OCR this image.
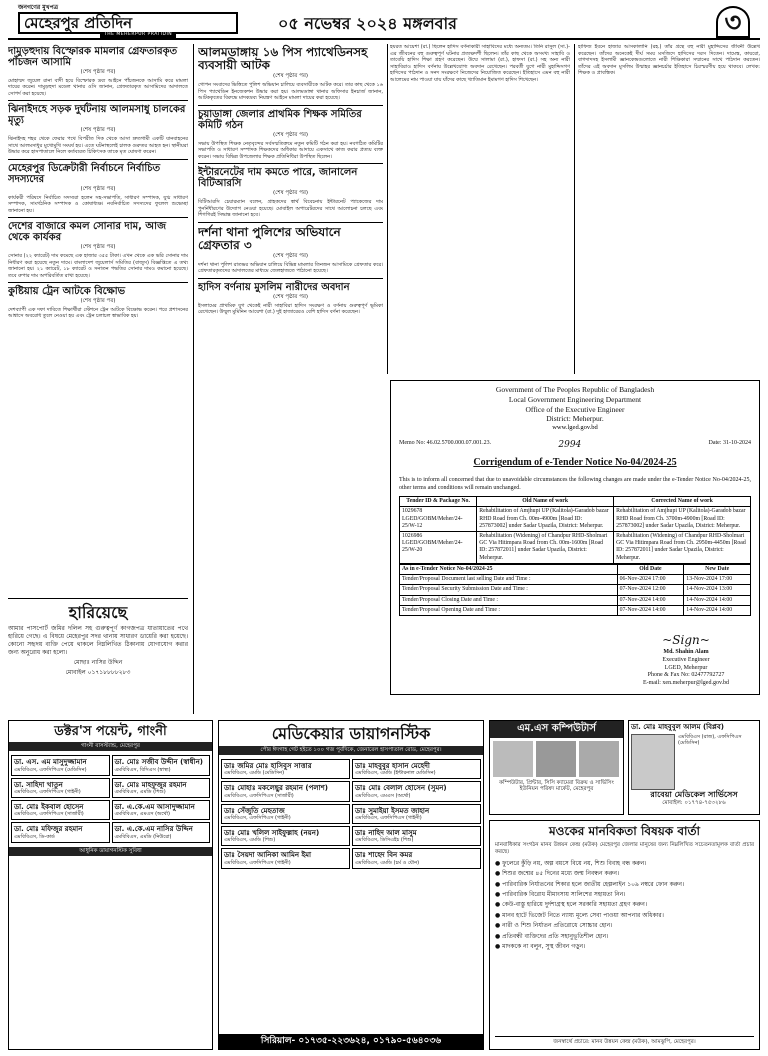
জনগণের মুখপত্র
মেহেরপুর প্রতিদিন
THE MEHERPUR PRATIDIN
০৫ নভেম্বর ২০২৪ মঙ্গলবার	৩
দামুড়হুদায় বিস্ফোরক মামলার গ্রেফতারকৃত পাঁচজন আসামি
(শেষ পৃষ্ঠার পর)

মোহাম্মদ জুয়েল রানা বাদী হয়ে বিস্ফোরক দ্রব্য আইনে পাঁচজনকে আসামি করে মামলা দায়ের করেন। দামুড়হুদা মডেল থানার ওসি জানান, গ্রেফতারকৃত আসামিদের আদালতে সোপর্দ করা হয়েছে।

ঝিনাইদহে সড়ক দুর্ঘটনায় আলমসাধু চালকের মৃত্যু
(শেষ পৃষ্ঠার পর)

ঝিনাইদহ শহর থেকে ফেরার পথে বিপরীত দিক থেকে আসা দ্রুতগামী একটি যানবাহনের সাথে আলমসাধুর মুখোমুখি সংঘর্ষ হয়। এতে ঘটনাস্থলেই চালক গুরুতর আহত হন। স্থানীয়রা উদ্ধার করে হাসপাতালে নিলে কর্তব্যরত চিকিৎসক তাকে মৃত ঘোষণা করেন।

মেহেরপুর ডিক্রেটারী নির্বাচনে নির্বাচিত সদস্যদের
(শেষ পৃষ্ঠার পর)

কার্যকরী পরিষদে নির্বাচিত সদস্যরা হলেন সহ-সভাপতি, সাধারণ সম্পাদক, যুগ্ম সাধারণ সম্পাদক, সাংগঠনিক সম্পাদক ও কোষাধ্যক্ষ। নবনির্বাচিত সদস্যদের ফুলেল শুভেচ্ছা জানানো হয়।

দেশের বাজারে কমল সোনার দাম, আজ থেকে কার্যকর
(শেষ পৃষ্ঠার পর)

সোনার (২২ ক্যারেট) দাম কমেছে এক হাজার ৩৫৫ টাকা। এখন থেকে এক ভরি সোনার দাম নির্ধারণ করা হয়েছে নতুন দামে। বাংলাদেশ জুয়েলার্স সমিতির (বাজুস) বিজ্ঞপ্তিতে এ তথ্য জানানো হয়। ২১ ক্যারেট, ১৮ ক্যারেট ও সনাতন পদ্ধতির সোনার দামও কমানো হয়েছে। তবে রুপার দাম অপরিবর্তিত রাখা হয়েছে।

কুষ্টিয়ায় ট্রেন আটকে বিক্ষোভ
(শেষ পৃষ্ঠার পর)

দেশব্যাপী এক দফা দাবিতে শিক্ষার্থীরা স্টেশনে ট্রেন আটকে বিক্ষোভ করেন। পরে প্রশাসনের আশ্বাসে অবরোধ তুলে নেওয়া হয় এবং ট্রেন চলাচল স্বাভাবিক হয়।

হারিয়েছে
আমার পাসপোর্ট জমির দলিল সহ গুরুত্বপূর্ণ কাগজপত্র যাতায়াতের পথে হারিয়ে গেছে। এ বিষয়ে মেহেরপুর সদর থানায় সাধারণ ডায়েরি করা হয়েছে। কোনো সহৃদয় ব্যক্তি পেয়ে থাকলে নিম্নলিখিত ঠিকানায় যোগাযোগ করার জন্য অনুরোধ করা হলো।
মোছাঃ নাসির উদ্দিন
মোবাইল ০১৭১৮৮৮৮২৮৩
আলমডাঙ্গায় ১৬ পিস প্যাথেডিনসহ ব্যবসায়ী আটক
(শেষ পৃষ্ঠার পর)

গোপন সংবাদের ভিত্তিতে পুলিশ অভিযান চালিয়ে ব্যবসায়ীকে আটক করে। তার কাছ থেকে ১৬ পিস প্যাথেডিন ইনজেকশন উদ্ধার করা হয়। আলমডাঙ্গা থানার অফিসার ইনচার্জ জানান, আটককৃতের বিরুদ্ধে মাদকদ্রব্য নিয়ন্ত্রণ আইনে মামলা দায়ের করা হয়েছে।

চুয়াডাঙ্গা জেলার প্রাথমিক শিক্ষক সমিতির কমিটি গঠন
(শেষ পৃষ্ঠার পর)

সভায় উপস্থিত শিক্ষক নেতৃবৃন্দের সর্বসম্মতিক্রমে নতুন কমিটি গঠন করা হয়। নবগঠিত কমিটির সভাপতি ও সাধারণ সম্পাদক শিক্ষকদের অধিকার আদায়ে একসাথে কাজ করার প্রত্যয় ব্যক্ত করেন। সভায় বিভিন্ন উপজেলার শিক্ষক প্রতিনিধিরা উপস্থিত ছিলেন।

ইন্টারনেটের দাম কমতে পারে, জানালেন বিটিআরসি
(শেষ পৃষ্ঠার পর)

বিটিআরসি চেয়ারম্যান বলেন, গ্রাহকদের স্বার্থ বিবেচনায় ইন্টারনেট প্যাকেজের দাম পুনর্নির্ধারণের উদ্যোগ নেওয়া হয়েছে। মোবাইল অপারেটরদের সাথে আলোচনা চলছে এবং শিগগিরই সিদ্ধান্ত জানানো হবে।

দর্শনা থানা পুলিশের অভিযানে গ্রেফতার ৩
(শেষ পৃষ্ঠার পর)

দর্শনা থানা পুলিশ রাতভর অভিযান চালিয়ে বিভিন্ন মামলার তিনজন আসামিকে গ্রেফতার করে। গ্রেফতারকৃতদের আদালতের মাধ্যমে জেলহাজতে পাঠানো হয়েছে।

হাদিস বর্ণনায় মুসলিম নারীদের অবদান
(শেষ পৃষ্ঠার পর)

ইসলামের প্রাথমিক যুগ থেকেই নারী সাহাবিরা হাদিস সংরক্ষণ ও বর্ণনায় গুরুত্বপূর্ণ ভূমিকা রেখেছেন। উম্মুল মুমিনিন আয়েশা (রা.) দুই হাজারেরও বেশি হাদিস বর্ণনা করেছেন।

হযরত আয়েশা (রা.) ছিলেন হাদিস বর্ণনাকারী সাহাবিদের মধ্যে অন্যতম। তিনি রাসুল (সা.)-এর জীবনের বহু গুরুত্বপূর্ণ ঘটনার প্রত্যক্ষদর্শী ছিলেন। তাঁর কাছ থেকে অসংখ্য সাহাবি ও তাবেয়ি হাদিস শিক্ষা গ্রহণ করেছেন। উম্মে সালামা (রা.), হাফসা (রা.) সহ অন্য নারী সাহাবিরাও হাদিস বর্ণনায় উল্লেখযোগ্য অবদান রেখেছেন। পরবর্তী যুগে নারী মুহাদ্দিসগণ হাদিসের পাঠদান ও সনদ সংরক্ষণে নিজেদের নিয়োজিত করেছেন। ইতিহাসে এমন বহু নারী আলেমের নাম পাওয়া যায় যাঁদের কাছে খ্যাতিমান ইমামগণ হাদিস শিখেছেন।

হাফিজ ইবনে হাজার আসকালানি (রহ.) তাঁর গ্রন্থে বহু নারী মুহাদ্দিসের জীবনী উল্লেখ করেছেন। তাঁদের অনেকেই দীর্ঘ সময় মসজিদে হাদিসের দরস দিতেন। দামেস্ক, কায়রো, বাগদাদসহ ইসলামী জ্ঞানকেন্দ্রগুলোতে নারী শিক্ষিকারা সম্মানের সাথে পাঠদান করতেন। তাঁদের এই অবদান মুসলিম উম্মাহর জ্ঞানচর্চার ইতিহাসে চিরস্মরণীয় হয়ে থাকবে। লেখক: শিক্ষক ও প্রাবন্ধিক।

Government of The Peoples Republic of Bangladesh
Local Government Engineering Department
Office of the Executive Engineer
District: Meherpur.
www.lged.gov.bd
Memo No: 46.02.5700.000.07.001.23.	2994	Date: 31-10-2024
Corrigendum of e-Tender Notice No-04/2024-25
This is to inform all concerned that due to unavoidable circumstances the following changes are made under the e-Tender Notice No-04/2024-25, other terms and conditions will remain unchanged.
Tender ID & Package No.	Old Name of work	Corrected Name of work
1029678 LGED/GOBM/Meher/24-25/W-12	Rehabilitation of Amjhupi UP (Kalitola)-Garadob bazar RHD Road from Ch. 00m-4900m [Road ID: 257873002] under Sadar Upazila, District: Meherpur.	Rehabilitation of Amjhupi UP (Kalitola)-Garadob bazar RHD Road from Ch. 3700m-4900m [Road ID: 257873002] under Sadar Upazila, District: Meherpur.
1026986 LGED/GOBM/Meher/24-25/W-20	Rehabilitation (Widening) of Chandpur RHD-Sholmari GC Via Hitimpara Road from Ch. 00m-1600m [Road ID: 257872011] under Sadar Upazila, District: Meherpur.	Rehabilitation (Widening) of Chandpur RHD-Sholmari GC Via Hitimpara Road from Ch. 2950m-4450m [Road ID: 257872011] under Sadar Upazila, District: Meherpur.
As in e-Tender Notice No-04/2024-25	Old Date	New Date
Tender/Proposal Document last selling Date and Time :	06-Nov-2024 17:00	13-Nov-2024 17:00
Tender/Proposal Security Submission Date and Time :	07-Nov-2024 12:00	14-Nov-2024 13:00
Tender/Proposal Closing Date and Time :	07-Nov-2024 14:00	14-Nov-2024 14:00
Tender/Proposal Opening Date and Time :	07-Nov-2024 14:00	14-Nov-2024 14:00
~Sign~
Md. Shahin Alam
Executive Engineer
LGED, Meherpur
Phone & Fax No: 02477792727
E-mail: xen.meherpur@lged.gov.bd
ডক্টর'স পয়েন্ট, গাংনী
গাংনী বাসস্ট্যান্ড, মেহেরপুর
ডা. এস. এম মাসুদুজ্জামান
এমবিবিএস, এফসিপিএস (মেডিসিন)
ডা. মোঃ সজীব উদ্দীন (স্বাধীন)
এমবিবিএস, বিসিএস (স্বাস্থ্য)
ডা. সাহিদা খাতুন
এমবিবিএস, এফসিপিএস (গাইনী)
ডা. মোঃ মাহফুজুর রহমান
এমবিবিএস, এমডি (শিশু)
ডা. মোঃ ইকবাল হোসেন
এমবিবিএস, এফসিপিএস (সার্জারী)
ডা. এ.কে.এম আসাদুজ্জামান
এমবিবিএস, এমএস (অর্থো)
ডা. মোঃ মফিজুর রহমান
এমবিবিএস, ডি-কার্ড
ডা. এ.কে.এম নাসির উদ্দিন
এমবিবিএস, এমডি (নিউরো)
আধুনিক ডায়াগনস্টিক সুবিধা
মেডিকেয়ার ডায়াগনস্টিক
পৌর ঈদগাহ গেট হইতে ১০০ গজ পূর্বদিকে, জেনারেল হাসপাতাল রোড, মেহেরপুর।
ডাঃ জমির মোঃ হাসিবুস সাত্তার
এমবিবিএস, এমডি (মেডিসিন)
ডাঃ মাহবুবুর হাসান মেহেদী
এমবিবিএস, এমডি (ইন্টারনাল মেডিসিন)
ডাঃ মোহাঃ মকলেছুর রহমান (পলাশ)
এমবিবিএস, এফসিপিএস (সার্জারী)
ডাঃ মোঃ বেলাল হোসেন (সুমন)
এমবিবিএস, এমএস (অর্থো)
ডাঃ সেঁজুতি মেহতাজ
এমবিবিএস, এফসিপিএস (গাইনী)
ডাঃ সুমাইয়া ইসমত জাহান
এমবিবিএস, এফসিপিএস (গাইনী)
ডাঃ মোঃ খলিল সাইফুল্লাহ (নয়ন)
এমবিবিএস, এমডি (শিশু)
ডাঃ নাহিদ আল মাসুম
এমবিবিএস, ডিসিএইচ (শিশু)
ডাঃ সৈয়দা আনিকা আমিন ইমা
এমবিবিএস, এফসিপিএস (গাইনী)
ডাঃ শাহেদ বিন কমর
এমবিবিএস, এমডি (চর্ম ও যৌন)
সিরিয়াল- ০১৭৩৫-২২৩৬২৪, ০১৭৯০-৫৬৪০৩৬
এম.এস কম্পিউটার্স
কম্পিউটার, প্রিন্টার, সিসি ক্যামেরা বিক্রয় ও সার্ভিসিং
ইউনিয়ন পরিষদ মার্কেট, মেহেরপুর
ডা. মোঃ মাহবুবুল আলম (বিপ্লব)
এমবিবিএস (রাজ), এফসিপিএস (মেডিসিন)
রাবেয়া মেডিকেল সার্ভিসেস
মোবাইল: ০১৭৭৪-৭৫৩২৮৬
মওকের মানবিকতা বিষয়ক বার্তা
মানবাধিকার সংগঠন মানব উন্নয়ন কেন্দ্র (মউক) মেহেরপুর জেলার মানুষের জন্য নিম্নলিখিত সচেতনতামূলক বার্তা প্রচার করছে।
● ফুলেরে কুঁড়ি নয়, অল্প বয়সে বিয়ে নয়, শিশু বিবাহ বন্ধ করুন।
● শিশুর জন্মের ৪৫ দিনের মধ্যে জন্ম নিবন্ধন করুন।
● পারিবারিক নির্যাতনের শিকার হলে জাতীয় হেল্পলাইন ১০৯ নম্বরে ফোন করুন।
● পারিবারিক বিরোধ মীমাংসায় সালিশের সহায়তা নিন।
● কেউ-বাস্তু হারিয়ে দুর্দশাগ্রস্থ হলে সরকারি সহায়তা গ্রহণ করুন।
● মানব হাটে ভিজেট নিতে ন্যায্য মূল্যে সেবা পাওয়া আপনার অধিকার।
● নারী ও শিশু নির্যাতন প্রতিরোধে সোচ্চার হোন।
● প্রতিবন্ধী ব্যক্তিদের প্রতি সহানুভূতিশীল হোন।
● মাদককে না বলুন, সুস্থ জীবন গড়ুন।
জনস্বার্থে প্রচারে: মানব উন্নয়ন কেন্দ্র (মউক), আমঝুপি, মেহেরপুর।
